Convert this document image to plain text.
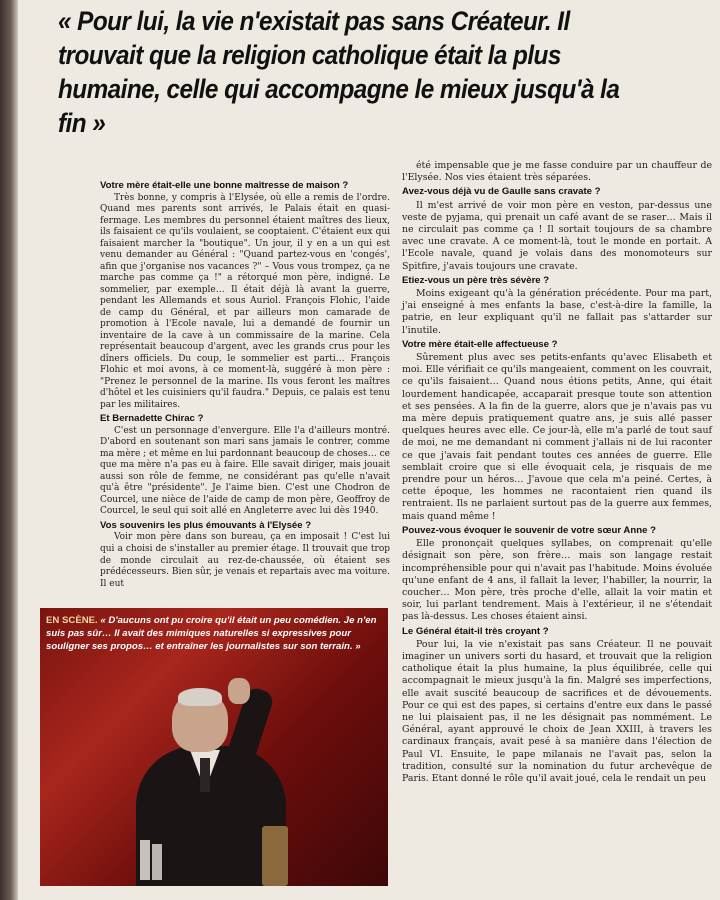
« Pour lui, la vie n'existait pas sans Créateur. Il trouvait que la religion catholique était la plus humaine, celle qui accompagne le mieux jusqu'à la fin »
Votre mère était-elle une bonne maîtresse de maison ?

Très bonne, y compris à l'Elysée, où elle a remis de l'ordre. Quand mes parents sont arrivés, le Palais était en quasi-fermage. Les membres du personnel étaient maîtres des lieux, ils faisaient ce qu'ils voulaient, se cooptaient. C'étaient eux qui faisaient marcher la "boutique". Un jour, il y en a un qui est venu demander au Général : "Quand partez-vous en 'congés', afin que j'organise nos vacances ?" – Vous vous trompez, ça ne marche pas comme ça !" a rétorqué mon père, indigné. Le sommelier, par exemple… Il était déjà là avant la guerre, pendant les Allemands et sous Auriol. François Flohic, l'aide de camp du Général, et par ailleurs mon camarade de promotion à l'Ecole navale, lui a demandé de fournir un inventaire de la cave à un commissaire de la marine. Cela représentait beaucoup d'argent, avec les grands crus pour les dîners officiels. Du coup, le sommelier est parti… François Flohic et moi avons, à ce moment-là, suggéré à mon père : "Prenez le personnel de la marine. Ils vous feront les maîtres d'hôtel et les cuisiniers qu'il faudra." Depuis, ce palais est tenu par les militaires.

Et Bernadette Chirac ?

C'est un personnage d'envergure. Elle l'a d'ailleurs montré. D'abord en soutenant son mari sans jamais le contrer, comme ma mère ; et même en lui pardonnant beaucoup de choses… ce que ma mère n'a pas eu à faire. Elle savait diriger, mais jouait aussi son rôle de femme, ne considérant pas qu'elle n'avait qu'à être "présidente". Je l'aime bien. C'est une Chodron de Courcel, une nièce de l'aide de camp de mon père, Geoffroy de Courcel, le seul qui soit allé en Angleterre avec lui dès 1940.

Vos souvenirs les plus émouvants à l'Elysée ?

Voir mon père dans son bureau, ça en imposait ! C'est lui qui a choisi de s'installer au premier étage. Il trouvait que trop de monde circulait au rez-de-chaussée, où étaient ses prédécesseurs. Bien sûr, je venais et repartais avec ma voiture. Il eut

été impensable que je me fasse conduire par un chauffeur de l'Elysée. Nos vies étaient très séparées.

Avez-vous déjà vu de Gaulle sans cravate ?

Il m'est arrivé de voir mon père en veston, par-dessus une veste de pyjama, qui prenait un café avant de se raser… Mais il ne circulait pas comme ça ! Il sortait toujours de sa chambre avec une cravate. A ce moment-là, tout le monde en portait. A l'Ecole navale, quand je volais dans des monomoteurs sur Spitfire, j'avais toujours une cravate.

Etiez-vous un père très sévère ?

Moins exigeant qu'à la génération précédente. Pour ma part, j'ai enseigné à mes enfants la base, c'est-à-dire la famille, la patrie, en leur expliquant qu'il ne fallait pas s'attarder sur l'inutile.

Votre mère était-elle affectueuse ?

Sûrement plus avec ses petits-enfants qu'avec Elisabeth et moi. Elle vérifiait ce qu'ils mangeaient, comment on les couvrait, ce qu'ils faisaient… Quand nous étions petits, Anne, qui était lourdement handicapée, accaparait presque toute son attention et ses pensées. A la fin de la guerre, alors que je n'avais pas vu ma mère depuis pratiquement quatre ans, je suis allé passer quelques heures avec elle. Ce jour-là, elle m'a parlé de tout sauf de moi, ne me demandant ni comment j'allais ni de lui raconter ce que j'avais fait pendant toutes ces années de guerre. Elle semblait croire que si elle évoquait cela, je risquais de me prendre pour un héros… J'avoue que cela m'a peiné. Certes, à cette époque, les hommes ne racontaient rien quand ils rentraient. Ils ne parlaient surtout pas de la guerre aux femmes, mais quand même !

Pouvez-vous évoquer le souvenir de votre sœur Anne ?

Elle prononçait quelques syllabes, on comprenait qu'elle désignait son père, son frère… mais son langage restait incompréhensible pour qui n'avait pas l'habitude. Moins évoluée qu'une enfant de 4 ans, il fallait la lever, l'habiller, la nourrir, la coucher… Mon père, très proche d'elle, allait la voir matin et soir, lui parlant tendrement. Mais à l'extérieur, il ne s'étendait pas là-dessus. Les choses étaient ainsi.

Le Général était-il très croyant ?

Pour lui, la vie n'existait pas sans Créateur. Il ne pouvait imaginer un univers sorti du hasard, et trouvait que la religion catholique était la plus humaine, la plus équilibrée, celle qui accompagnait le mieux jusqu'à la fin. Malgré ses imperfections, elle avait suscité beaucoup de sacrifices et de dévouements. Pour ce qui est des papes, si certains d'entre eux dans le passé ne lui plaisaient pas, il ne les désignait pas nommément. Le Général, ayant approuvé le choix de Jean XXIII, à travers les cardinaux français, avait pesé à sa manière dans l'élection de Paul VI. Ensuite, le pape milanais ne l'avait pas, selon la tradition, consulté sur la nomination du futur archevêque de Paris. Etant donné le rôle qu'il avait joué, cela le rendait un peu

EN SCÈNE. « D'aucuns ont pu croire qu'il était un peu comédien. Je n'en suis pas sûr… Il avait des mimiques naturelles si expressives pour souligner ses propos… et entraîner les journalistes sur son terrain. »
